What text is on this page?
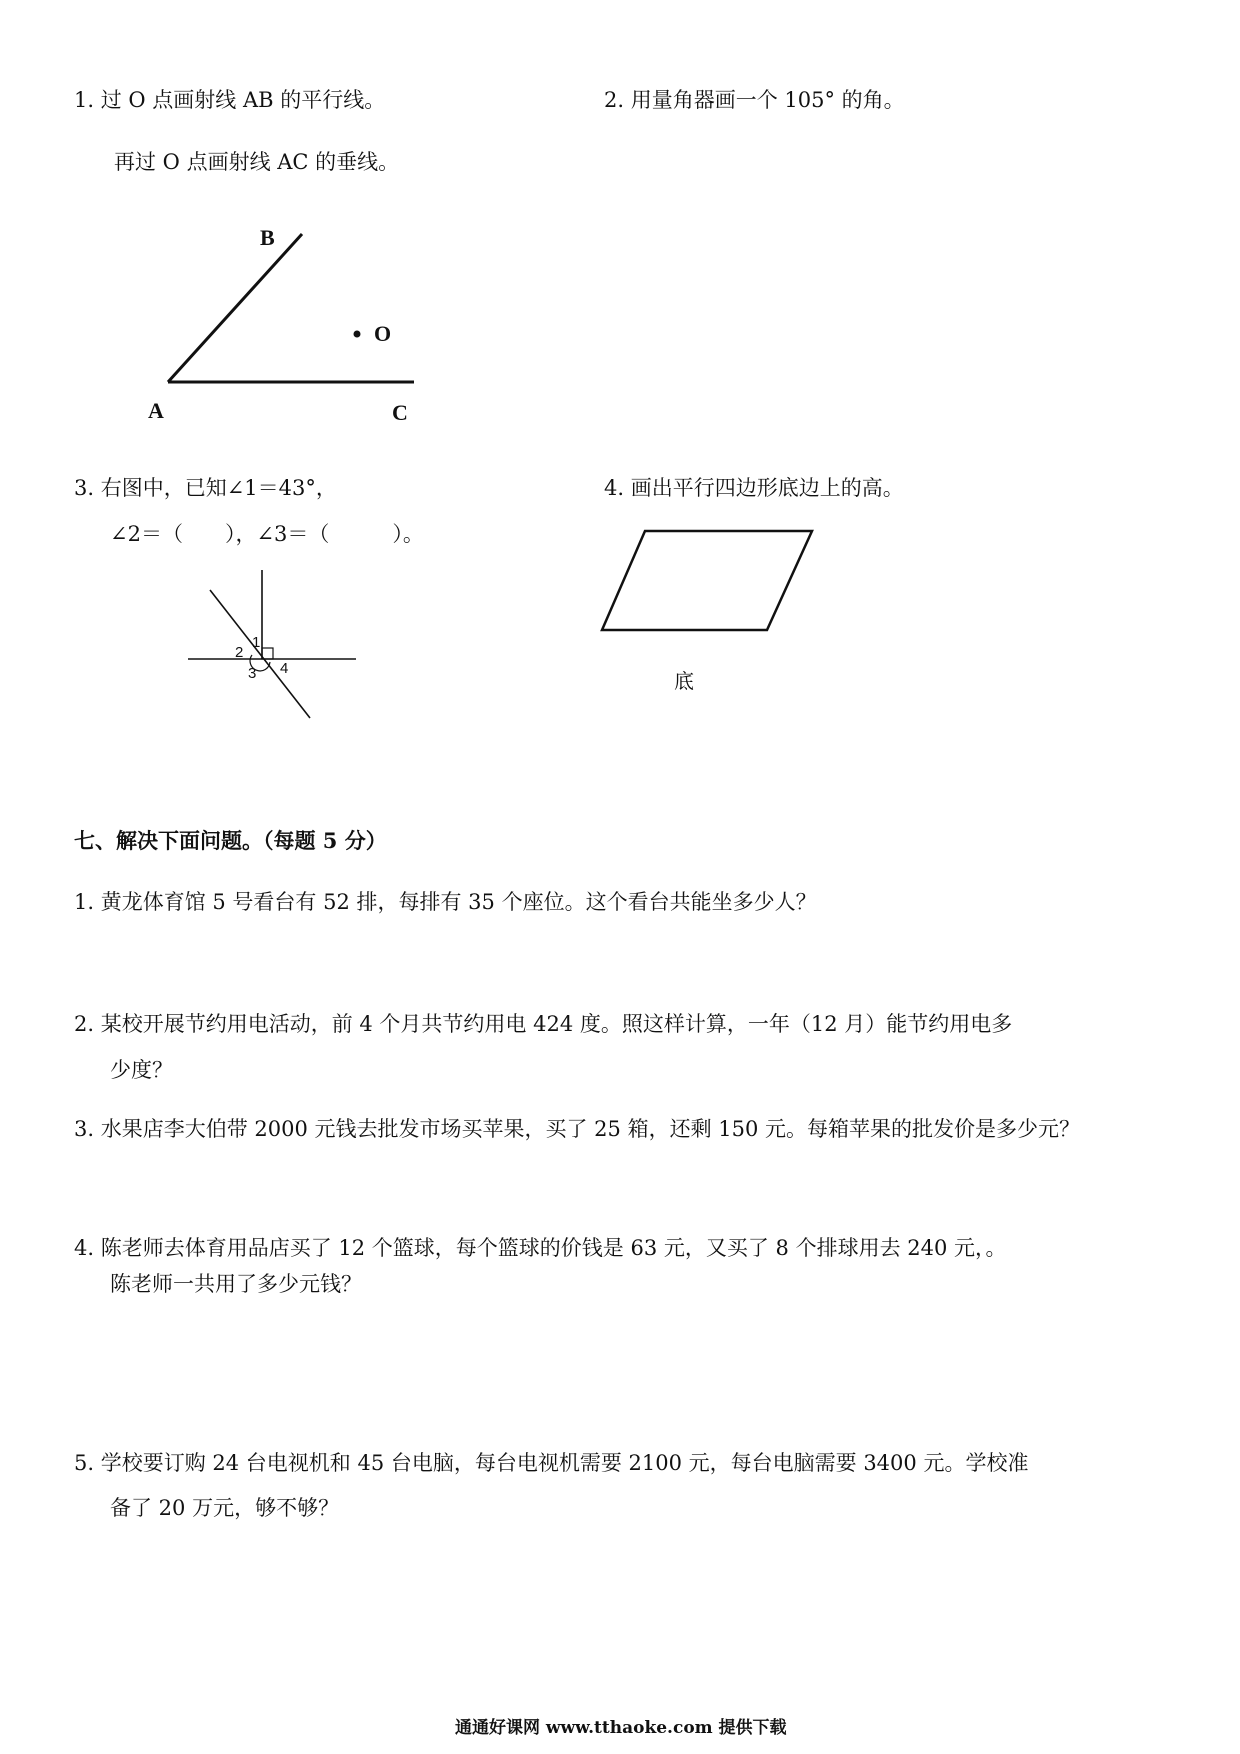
1. 过 O 点画射线 AB 的平行线。
再过 O 点画射线 AC 的垂线。
2. 用量角器画一个 105° 的角。
B
O
A	C
3. 右图中，已知∠1＝43°，
∠2＝（　　），∠3＝（　　　）。
1
2
3 4
4. 画出平行四边形底边上的高。
底
七、解决下面问题。（每题 5 分）
1. 黄龙体育馆 5 号看台有 52 排，每排有 35 个座位。这个看台共能坐多少人？
2. 某校开展节约用电活动，前 4 个月共节约用电 424 度。照这样计算，一年（12 月）能节约用电多
少度？
3. 水果店李大伯带 2000 元钱去批发市场买苹果，买了 25 箱，还剩 150 元。每箱苹果的批发价是多少元？
4. 陈老师去体育用品店买了 12 个篮球，每个篮球的价钱是 63 元，又买了 8 个排球用去 240 元，。
陈老师一共用了多少元钱？
5. 学校要订购 24 台电视机和 45 台电脑，每台电视机需要 2100 元，每台电脑需要 3400 元。学校准
备了 20 万元，够不够？
通通好课网 www.tthaoke.com 提供下载
